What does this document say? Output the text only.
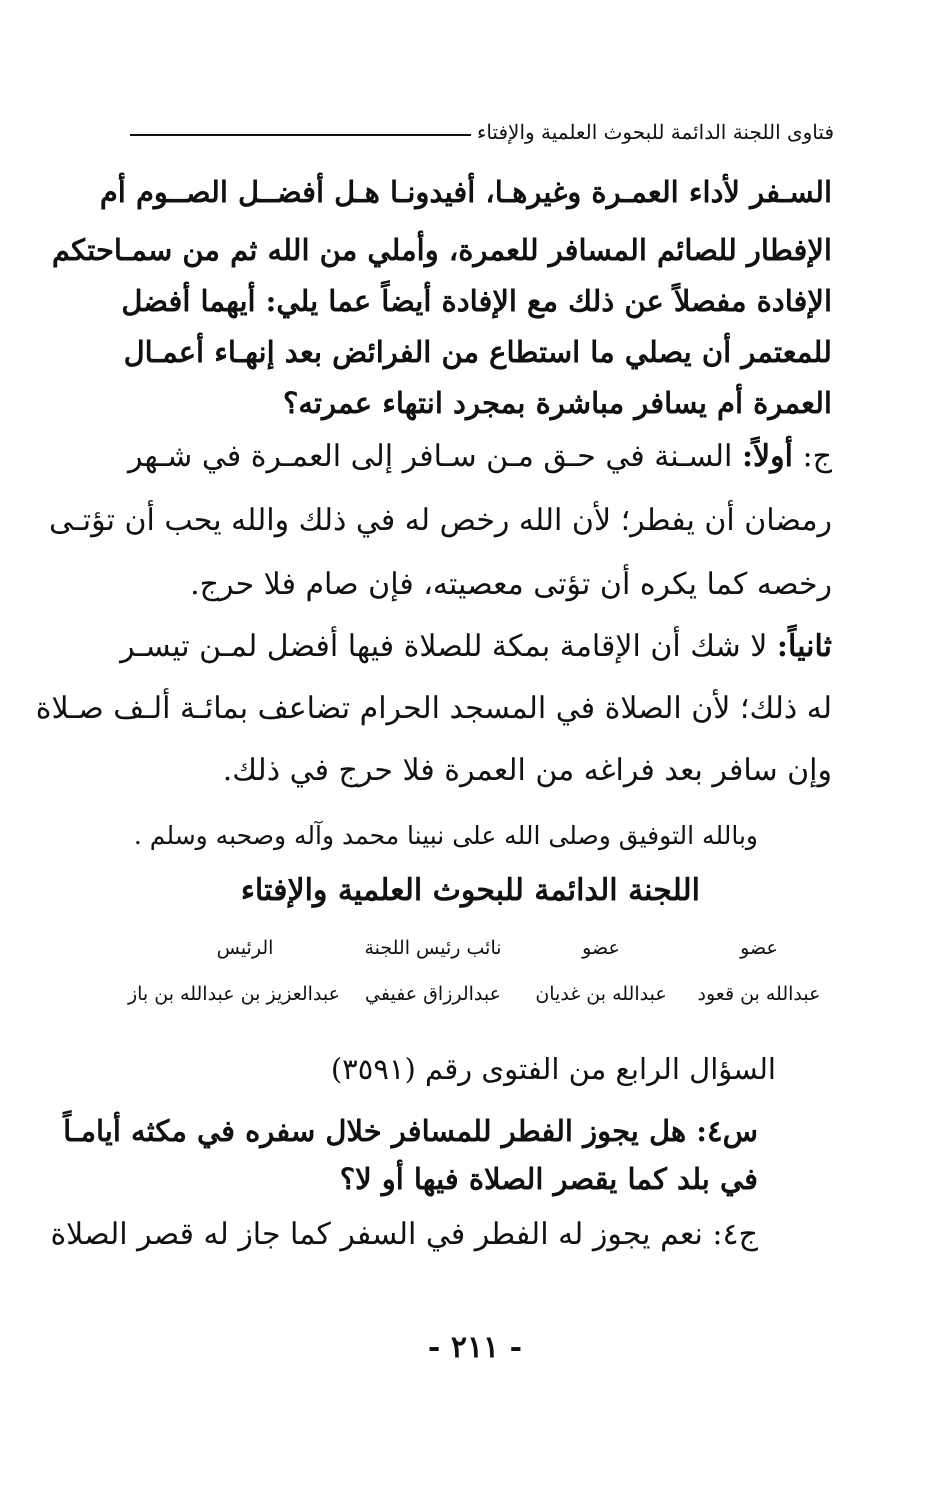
فتاوى اللجنة الدائمة للبحوث العلمية والإفتاء
السـفر لأداء العمـرة وغيرهـا، أفيدونـا هـل أفضــل الصــوم أم
الإفطار للصائم المسافر للعمرة، وأملي من الله ثم من سمـاحتكم
الإفادة مفصلاً عن ذلك مع الإفادة أيضاً عما يلي: أيهما أفضل
للمعتمر أن يصلي ما استطاع من الفرائض بعد إنهـاء أعمـال
العمرة أم يسافر مباشرة بمجرد انتهاء عمرته؟
ج: أولاً: السـنة في حـق مـن سـافر إلى العمـرة في شـهر
رمضان أن يفطر؛ لأن الله رخص له في ذلك والله يحب أن تؤتـى
رخصه كما يكره أن تؤتى معصيته، فإن صام فلا حرج.
ثانياً: لا شك أن الإقامة بمكة للصلاة فيها أفضل لمـن تيسـر
له ذلك؛ لأن الصلاة في المسجد الحرام تضاعف بمائـة ألـف صـلاة
وإن سافر بعد فراغه من العمرة فلا حرج في ذلك.
وبالله التوفيق وصلى الله على نبينا محمد وآله وصحبه وسلم .
اللجنة الدائمة للبحوث العلمية والإفتاء
عضو
عضو
نائب رئيس اللجنة
الرئيس
عبدالله بن قعود
عبدالله بن غديان
عبدالرزاق عفيفي
عبدالعزيز بن عبدالله بن باز
السؤال الرابع من الفتوى رقم (٣٥٩١)
س٤: هل يجوز الفطر للمسافر خلال سفره في مكثه أيامـاً
في بلد كما يقصر الصلاة فيها أو لا؟
ج٤: نعم يجوز له الفطر في السفر كما جاز له قصر الصلاة
- ٢١١ -
